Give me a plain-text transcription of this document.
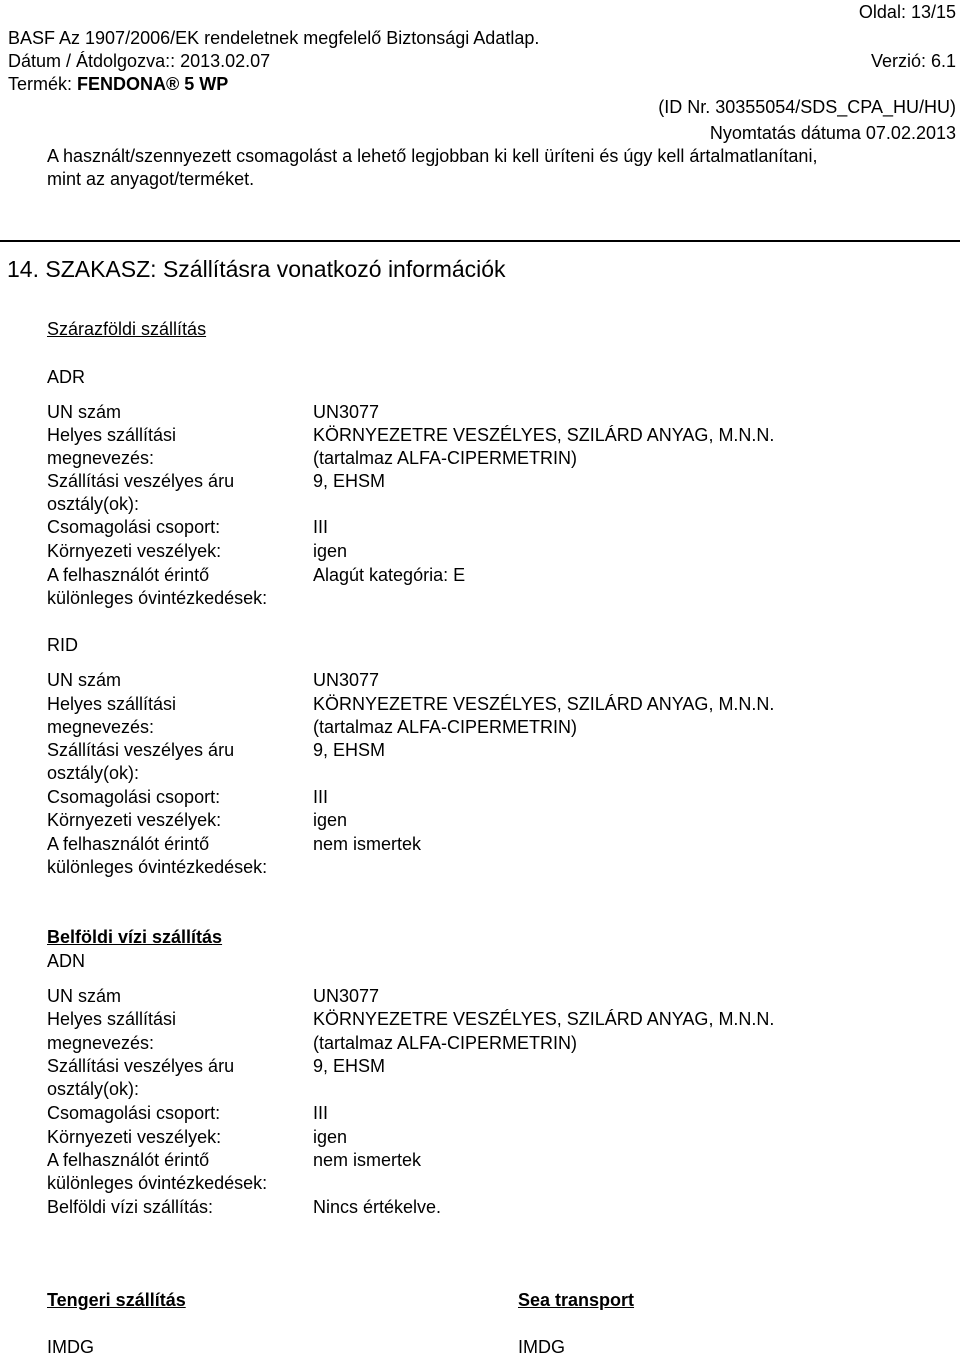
Oldal: 13/15
BASF Az 1907/2006/EK rendeletnek megfelelő Biztonsági Adatlap.
Dátum / Átdolgozva:: 2013.02.07	Verzió: 6.1
Termék: FENDONA® 5 WP
(ID Nr. 30355054/SDS_CPA_HU/HU)
Nyomtatás dátuma 07.02.2013
A használt/szennyezett csomagolást a lehető legjobban ki kell üríteni és úgy kell ártalmatlanítani,
mint az anyagot/terméket.
14. SZAKASZ: Szállításra vonatkozó információk
Szárazföldi szállítás
ADR
UN szám	UN3077
Helyes szállítási	KÖRNYEZETRE VESZÉLYES, SZILÁRD ANYAG, M.N.N.
megnevezés:	(tartalmaz ALFA-CIPERMETRIN)
Szállítási veszélyes áru	9, EHSM
osztály(ok):
Csomagolási csoport:	III
Környezeti veszélyek:	igen
A felhasználót érintő	Alagút kategória: E
különleges óvintézkedések:
RID
UN szám	UN3077
Helyes szállítási	KÖRNYEZETRE VESZÉLYES, SZILÁRD ANYAG, M.N.N.
megnevezés:	(tartalmaz ALFA-CIPERMETRIN)
Szállítási veszélyes áru	9, EHSM
osztály(ok):
Csomagolási csoport:	III
Környezeti veszélyek:	igen
A felhasználót érintő	nem ismertek
különleges óvintézkedések:
Belföldi vízi szállítás
ADN
UN szám	UN3077
Helyes szállítási	KÖRNYEZETRE VESZÉLYES, SZILÁRD ANYAG, M.N.N.
megnevezés:	(tartalmaz ALFA-CIPERMETRIN)
Szállítási veszélyes áru	9, EHSM
osztály(ok):
Csomagolási csoport:	III
Környezeti veszélyek:	igen
A felhasználót érintő	nem ismertek
különleges óvintézkedések:
Belföldi vízi szállítás:	Nincs értékelve.
Tengeri szállítás	Sea transport
IMDG	IMDG
